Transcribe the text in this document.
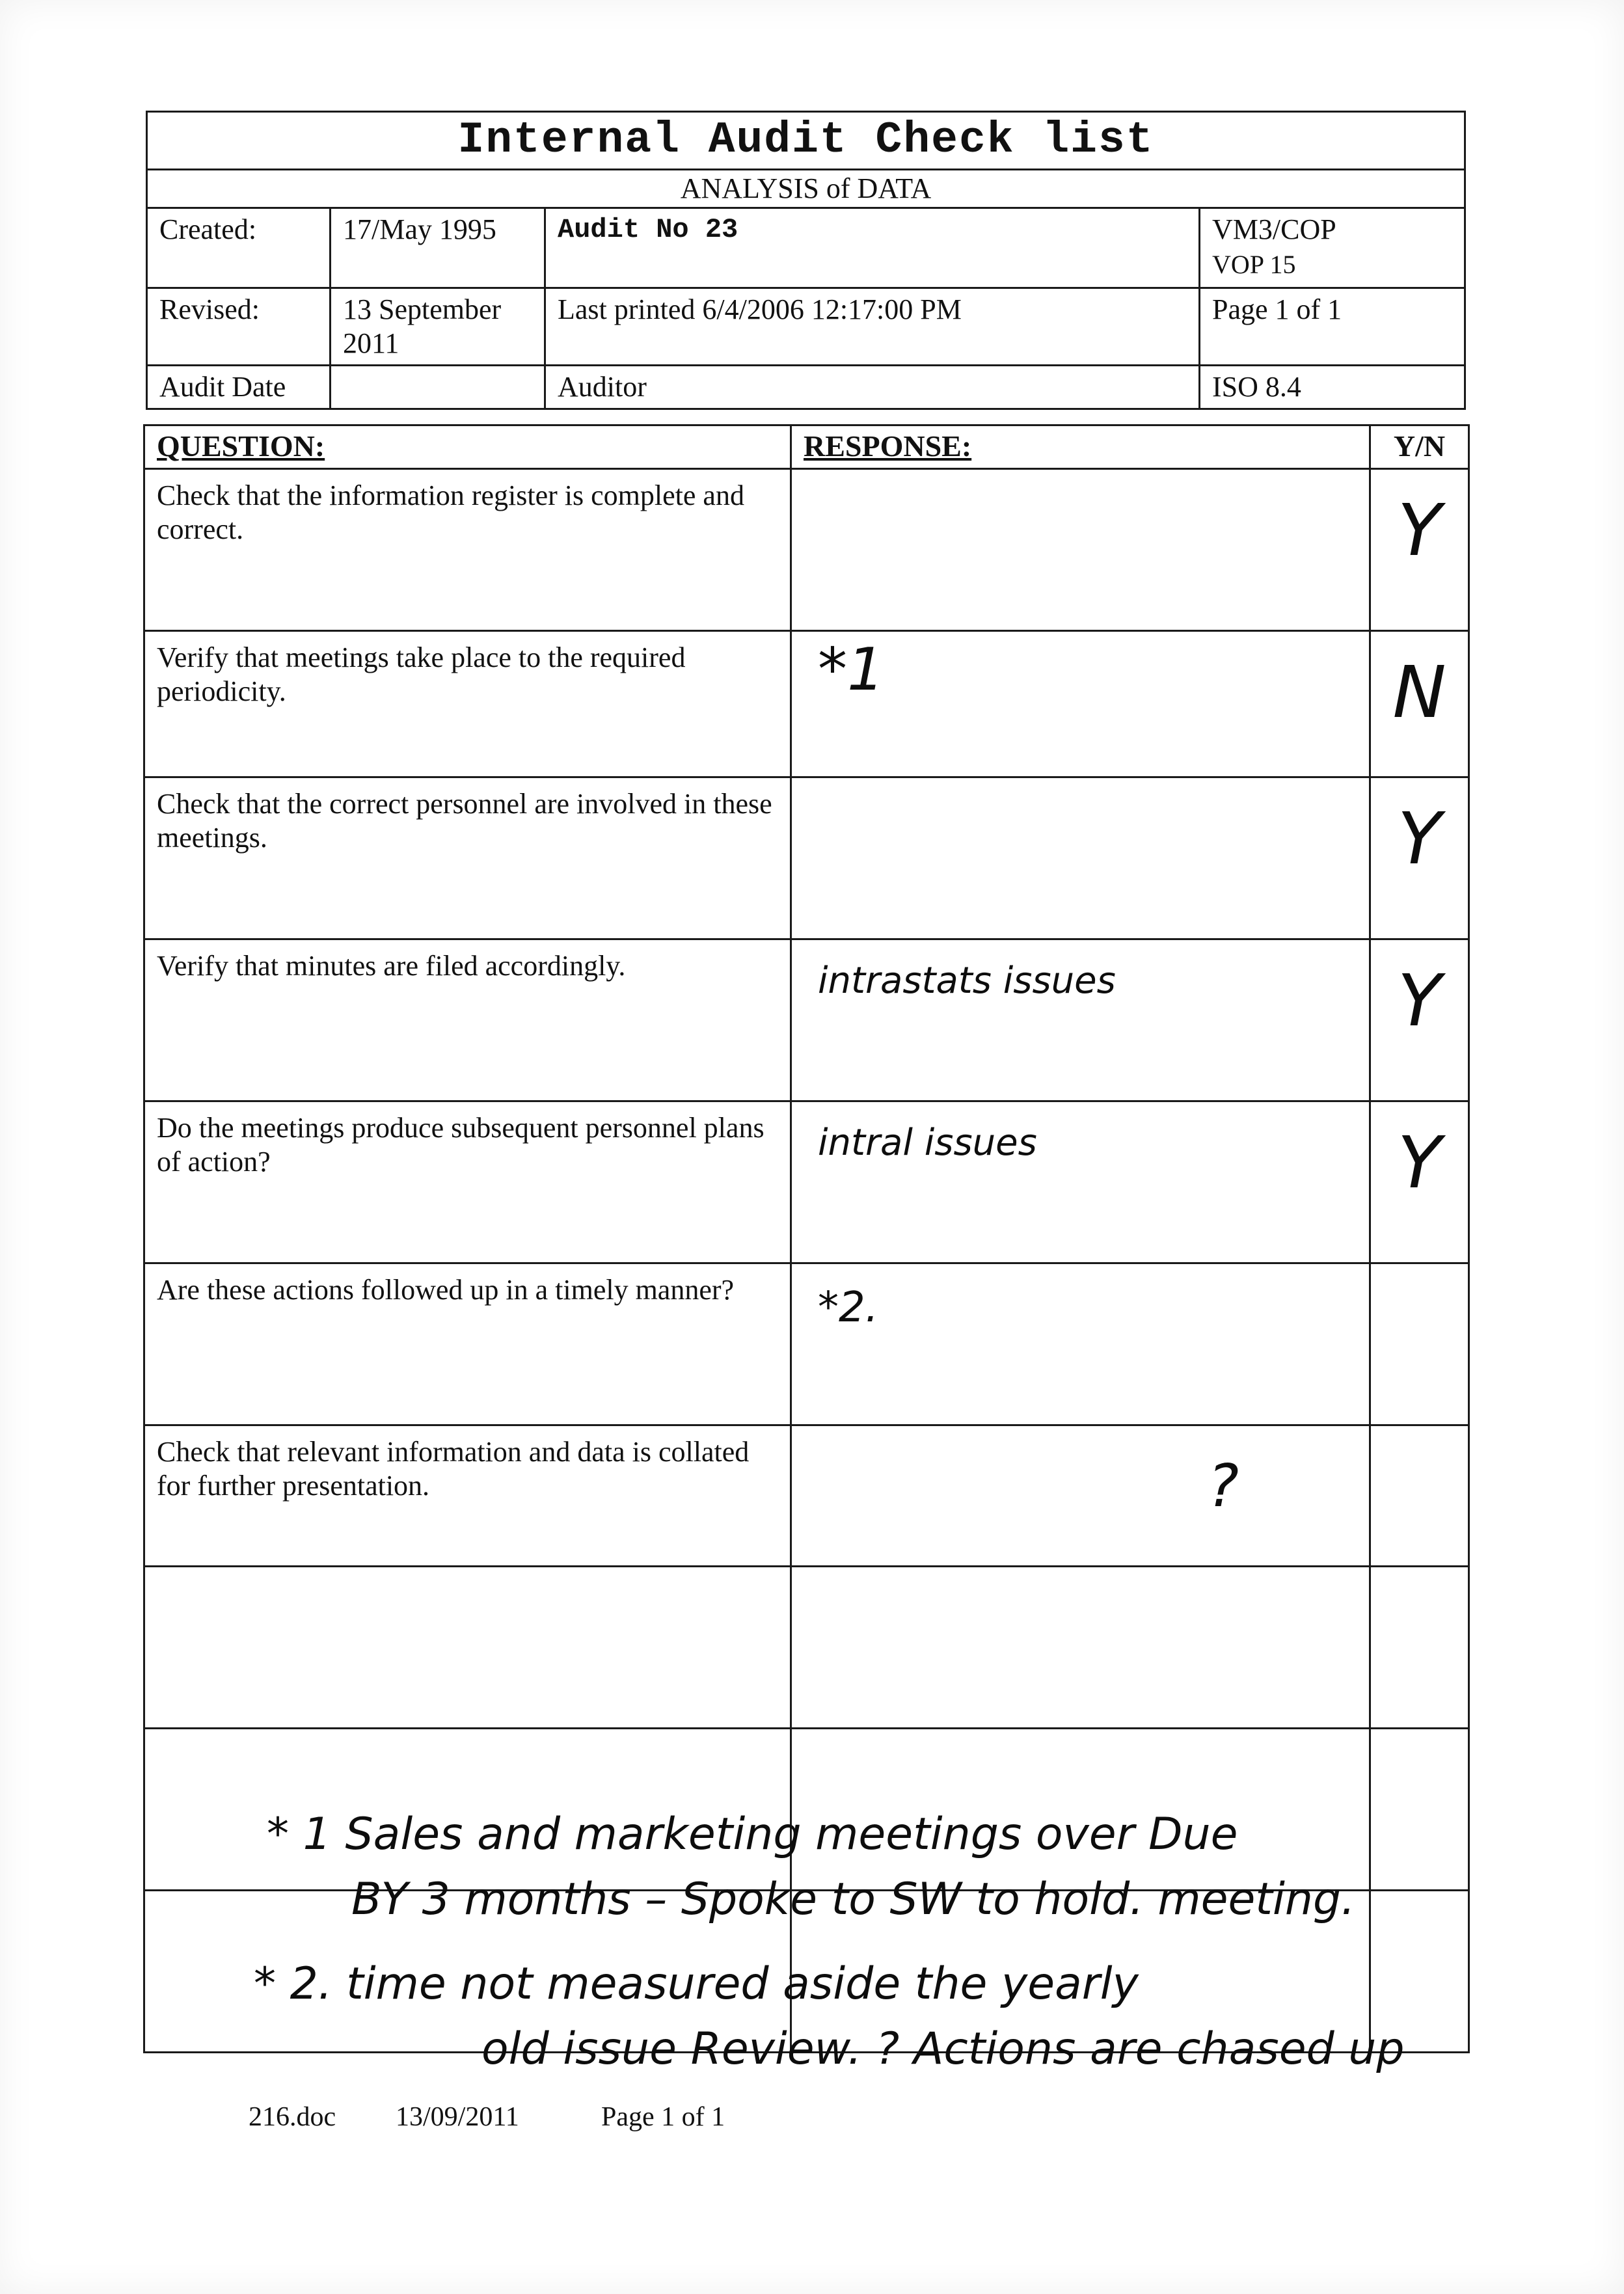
Internal Audit Check list			
ANALYSIS of DATA			
Created:	17/May 1995	Audit No 23	VM3/COP
VOP 15

Revised:	13 September 2011	Last printed 6/4/2006 12:17:00 PM	Page 1 of 1
Audit Date		Auditor	ISO 8.4
QUESTION:	RESPONSE:	Y/N
Check that the information register is complete and correct.		Y
Verify that meetings take place to the required periodicity.	*1	N
Check that the correct personnel are involved in these meetings.		Y
Verify that minutes are filed accordingly.	intrastats issues	Y
Do the meetings produce subsequent personnel plans of action?	intral issues	Y
Are these actions followed up in a timely manner?	*2.	
Check that relevant information and data is collated for further presentation.	?	

* 1 Sales and marketing meetings over Due
BY 3 months – Spoke to SW to hold. meeting.
* 2. time not measured aside the yearly
old issue Review. ? Actions are chased up
216.doc 13/09/2011	Page 1 of 1
